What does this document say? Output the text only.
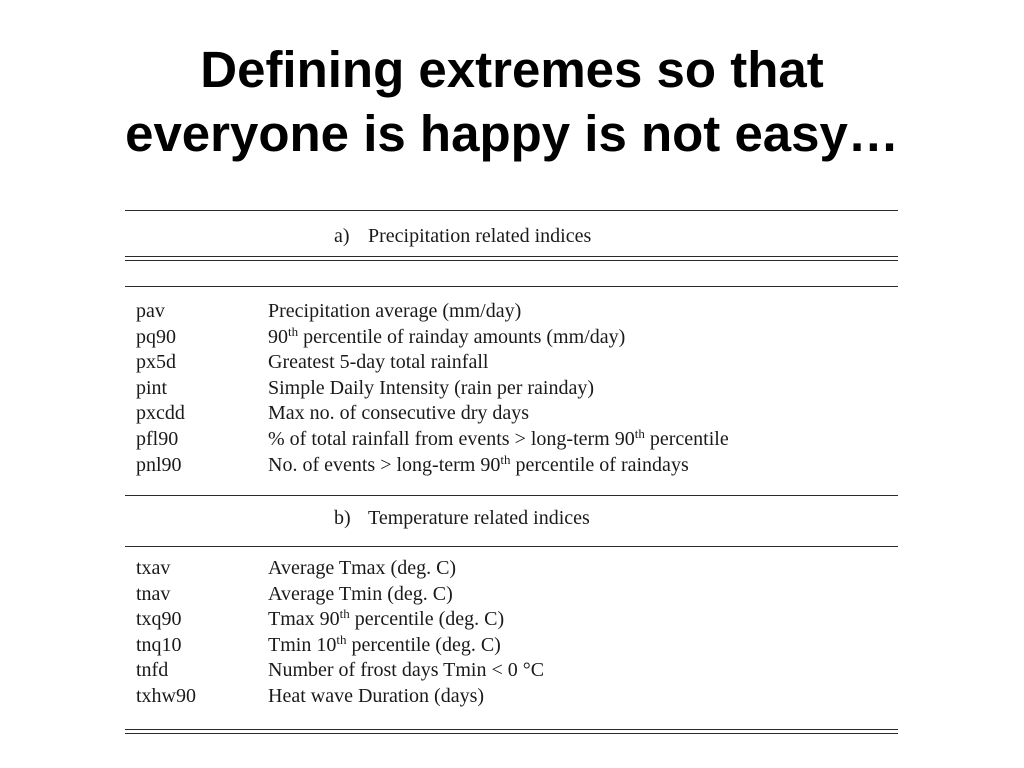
Defining extremes so that
everyone is happy is not easy…
a) Precipitation related indices
pav	Precipitation average (mm/day)
pq90	90th percentile of rainday amounts (mm/day)
px5d	Greatest 5-day total rainfall
pint	Simple Daily Intensity (rain per rainday)
pxcdd	Max no. of consecutive dry days
pfl90	% of total rainfall from events > long-term 90th percentile
pnl90	No. of events > long-term 90th percentile of raindays
b) Temperature related indices
txav	Average Tmax (deg. C)
tnav	Average Tmin (deg. C)
txq90	Tmax 90th percentile (deg. C)
tnq10	Tmin 10th percentile (deg. C)
tnfd	Number of frost days Tmin < 0 °C
txhw90	Heat wave Duration (days)
